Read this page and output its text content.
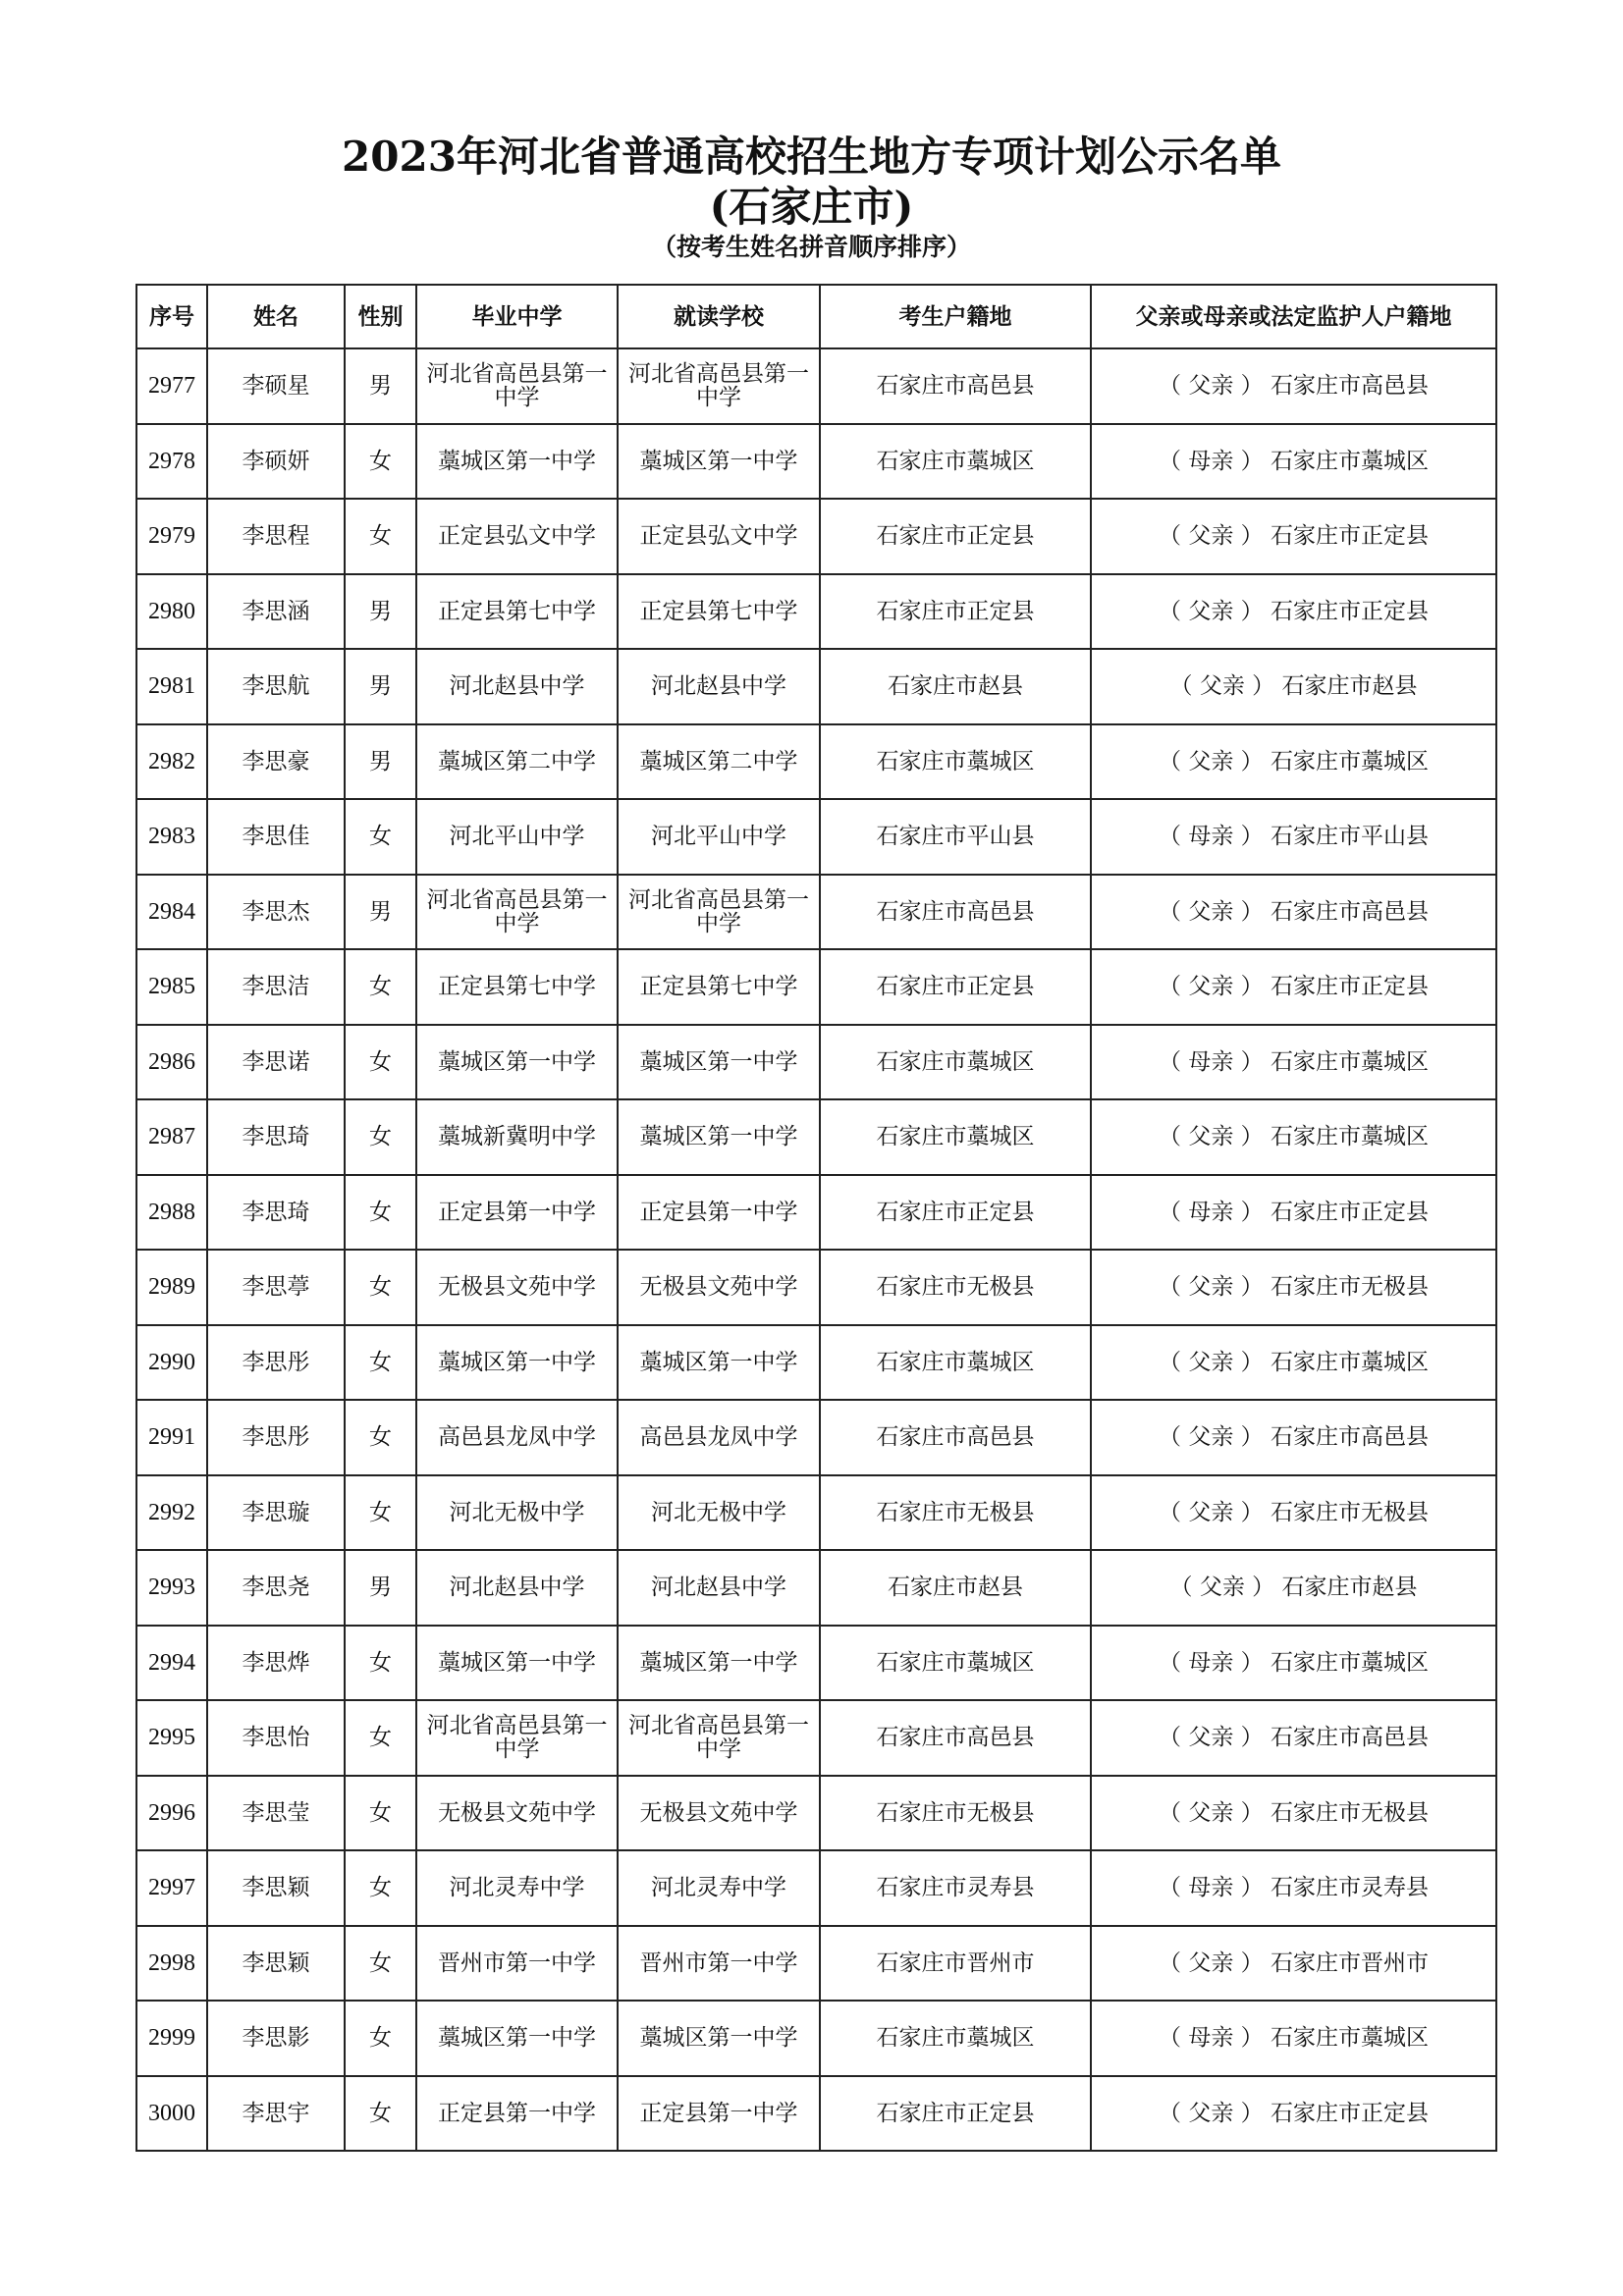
2023年河北省普通高校招生地方专项计划公示名单
(石家庄市)
（按考生姓名拼音顺序排序）
序号	姓名	性别	毕业中学	就读学校	考生户籍地	父亲或母亲或法定监护人户籍地
2977	李硕星	男	河北省高邑县第一中学	河北省高邑县第一中学	石家庄市高邑县	（ 父亲 ） 石家庄市高邑县
2978	李硕妍	女	藁城区第一中学	藁城区第一中学	石家庄市藁城区	（ 母亲 ） 石家庄市藁城区
2979	李思程	女	正定县弘文中学	正定县弘文中学	石家庄市正定县	（ 父亲 ） 石家庄市正定县
2980	李思涵	男	正定县第七中学	正定县第七中学	石家庄市正定县	（ 父亲 ） 石家庄市正定县
2981	李思航	男	河北赵县中学	河北赵县中学	石家庄市赵县	（ 父亲 ） 石家庄市赵县
2982	李思豪	男	藁城区第二中学	藁城区第二中学	石家庄市藁城区	（ 父亲 ） 石家庄市藁城区
2983	李思佳	女	河北平山中学	河北平山中学	石家庄市平山县	（ 母亲 ） 石家庄市平山县
2984	李思杰	男	河北省高邑县第一中学	河北省高邑县第一中学	石家庄市高邑县	（ 父亲 ） 石家庄市高邑县
2985	李思洁	女	正定县第七中学	正定县第七中学	石家庄市正定县	（ 父亲 ） 石家庄市正定县
2986	李思诺	女	藁城区第一中学	藁城区第一中学	石家庄市藁城区	（ 母亲 ） 石家庄市藁城区
2987	李思琦	女	藁城新冀明中学	藁城区第一中学	石家庄市藁城区	（ 父亲 ） 石家庄市藁城区
2988	李思琦	女	正定县第一中学	正定县第一中学	石家庄市正定县	（ 母亲 ） 石家庄市正定县
2989	李思葶	女	无极县文苑中学	无极县文苑中学	石家庄市无极县	（ 父亲 ） 石家庄市无极县
2990	李思彤	女	藁城区第一中学	藁城区第一中学	石家庄市藁城区	（ 父亲 ） 石家庄市藁城区
2991	李思彤	女	高邑县龙凤中学	高邑县龙凤中学	石家庄市高邑县	（ 父亲 ） 石家庄市高邑县
2992	李思璇	女	河北无极中学	河北无极中学	石家庄市无极县	（ 父亲 ） 石家庄市无极县
2993	李思尧	男	河北赵县中学	河北赵县中学	石家庄市赵县	（ 父亲 ） 石家庄市赵县
2994	李思烨	女	藁城区第一中学	藁城区第一中学	石家庄市藁城区	（ 母亲 ） 石家庄市藁城区
2995	李思怡	女	河北省高邑县第一中学	河北省高邑县第一中学	石家庄市高邑县	（ 父亲 ） 石家庄市高邑县
2996	李思莹	女	无极县文苑中学	无极县文苑中学	石家庄市无极县	（ 父亲 ） 石家庄市无极县
2997	李思颖	女	河北灵寿中学	河北灵寿中学	石家庄市灵寿县	（ 母亲 ） 石家庄市灵寿县
2998	李思颖	女	晋州市第一中学	晋州市第一中学	石家庄市晋州市	（ 父亲 ） 石家庄市晋州市
2999	李思影	女	藁城区第一中学	藁城区第一中学	石家庄市藁城区	（ 母亲 ） 石家庄市藁城区
3000	李思宇	女	正定县第一中学	正定县第一中学	石家庄市正定县	（ 父亲 ） 石家庄市正定县
